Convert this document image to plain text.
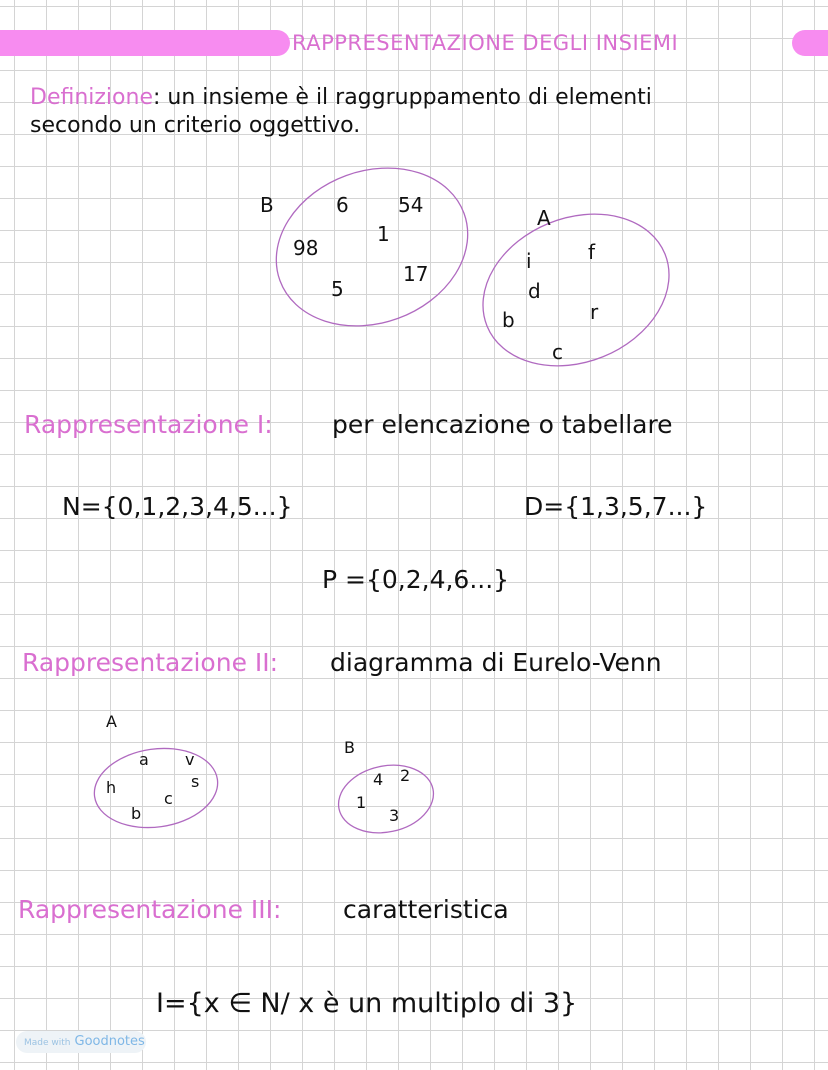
RAPPRESENTAZIONE DEGLI INSIEMI
Definizione: un insieme è il raggruppamento di elementi
secondo un criterio oggettivo.
B	6 54
1
98
17
5
A
i	f
d
b	r
c
Rappresentazione I: per elencazione o tabellare
N={0,1,2,3,4,5...}	D={1,3,5,7...}
P ={0,2,4,6...}
Rappresentazione II: diagramma di Eurelo-Venn
A
a v
h	s
c
b
B
4 2
1
3
Rappresentazione III: caratteristica
I={x ∈ N/ x è un multiplo di 3}
Made with Goodnotes
